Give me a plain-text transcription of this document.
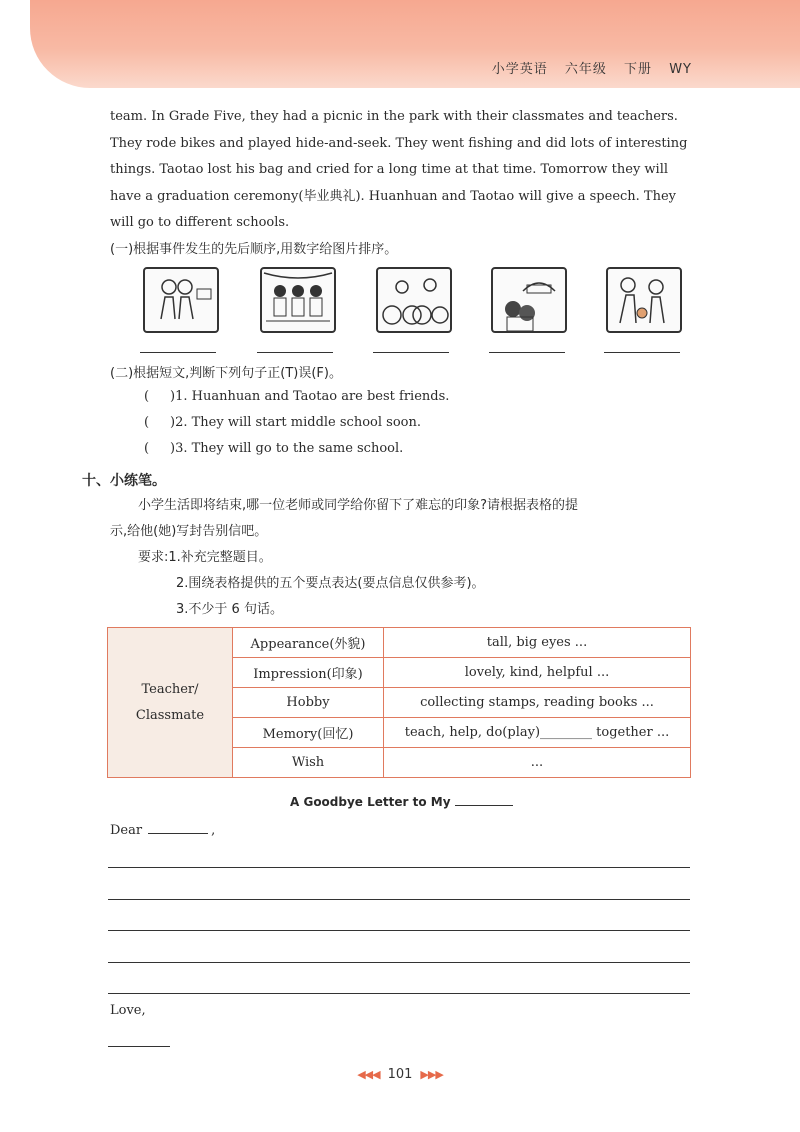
小学英语 六年级 下册 WY

team. In Grade Five, they had a picnic in the park with their classmates and teachers.

They rode bikes and played hide-and-seek. They went fishing and did lots of interesting

things. Taotao lost his bag and cried for a long time at that time. Tomorrow they will

have a graduation ceremony(毕业典礼). Huanhuan and Taotao will give a speech. They

will go to different schools.

(一)根据事件发生的先后顺序,用数字给图片排序。
(二)根据短文,判断下列句子正(T)误(F)。
( )1. Huanhuan and Taotao are best friends.
( )2. They will start middle school soon.
( )3. They will go to the same school.
十、小练笔。
小学生活即将结束,哪一位老师或同学给你留下了难忘的印象?请根据表格的提
示,给他(她)写封告别信吧。
要求:1.补充完整题目。
2.围绕表格提供的五个要点表达(要点信息仅供参考)。
3.不少于 6 句话。
Teacher/
Classmate	Appearance(外貌)	tall, big eyes ...
	Impression(印象)	lovely, kind, helpful ...
	Hobby	collecting stamps, reading books ...
	Memory(回忆)	teach, help, do(play)________ together ...
	Wish	...
A Goodbye Letter to My
Dear	,
Love,
◀◀◀ 101 ▶▶▶
